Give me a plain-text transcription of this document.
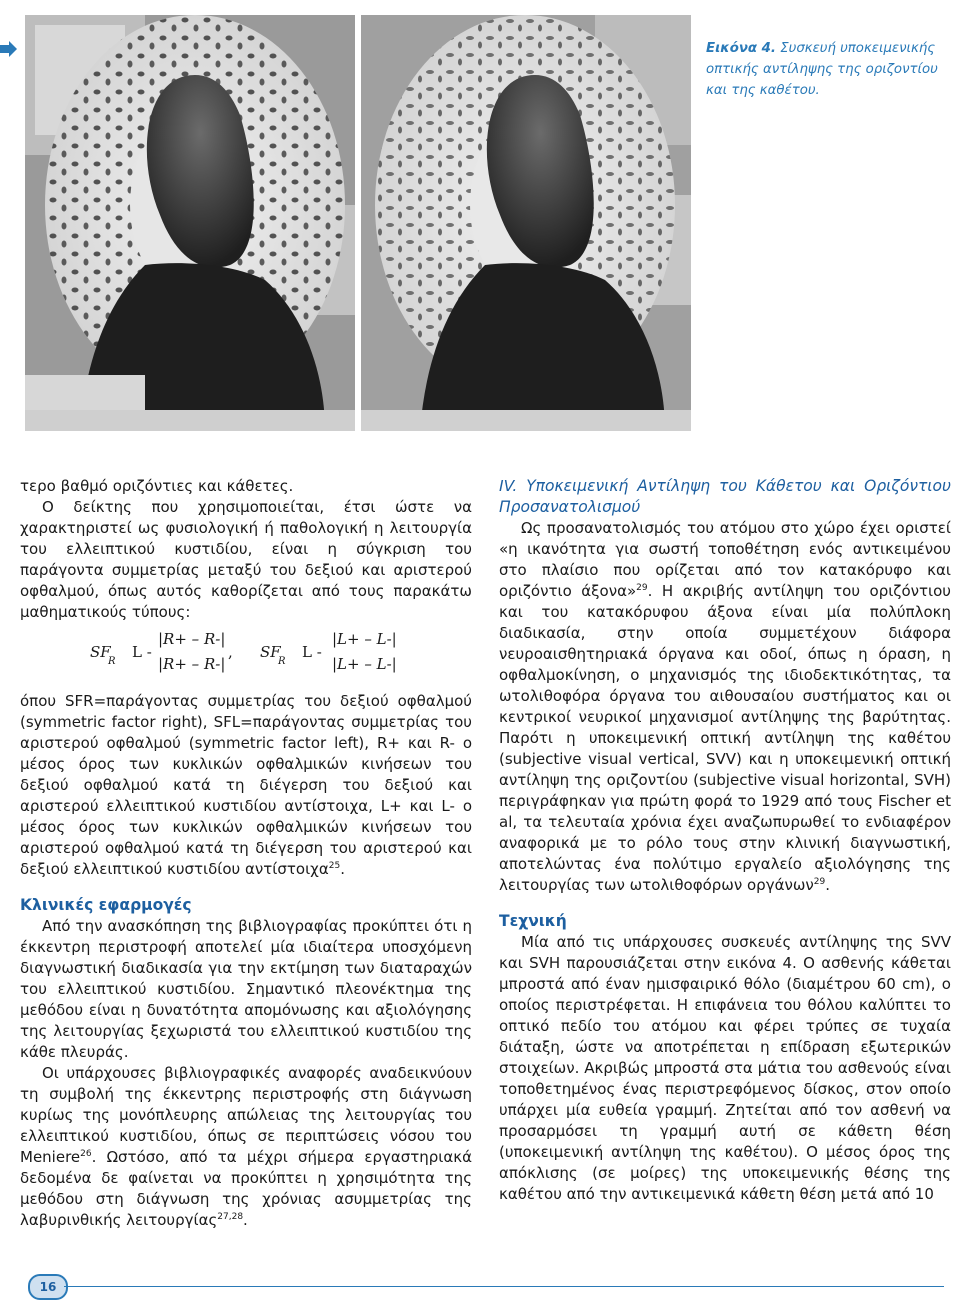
Εικόνα 4. Συσκευή υποκειμενικής οπτικής αντίληψης της οριζοντίου και της καθέτου.

τερο βαθμό οριζόντιες και κάθετες.

Ο δείκτης που χρησιμοποιείται, έτσι ώστε να χαρακτηριστεί ως φυσιολογική ή παθολογική η λειτουργία του ελλειπτικού κυστιδίου, είναι η σύγκριση του παράγοντα συμμετρίας μεταξύ του δεξιού και αριστερού οφθαλμού, όπως αυτός καθορίζεται από τους παρακάτω μαθηματικούς τύπους:

SF
R
L -
|R+ – R-|
|R+ – R-|
, SF
R
L -
|L+ – L-|
|L+ – L-|

όπου SFR=παράγοντας συμμετρίας του δεξιού οφθαλμού (symmetric factor right), SFL=παράγοντας συμμετρίας του αριστερού οφθαλμού (symmetric factor left), R+ και R- ο μέσος όρος των κυκλικών οφθαλμικών κινήσεων του δεξιού οφθαλμού κατά τη διέγερση του δεξιού και αριστερού ελλειπτικού κυστιδίου αντίστοιχα, L+ και L- ο μέσος όρος των κυκλικών οφθαλμικών κινήσεων του αριστερού οφθαλμού κατά τη διέγερση του αριστερού και δεξιού ελλειπτικού κυστιδίου αντίστοιχα$^{25}$.

Κλινικές εφαρμογές

Από την ανασκόπηση της βιβλιογραφίας προκύπτει ότι η έκκεντρη περιστροφή αποτελεί μία ιδιαίτερα υποσχόμενη διαγνωστική διαδικασία για την εκτίμηση των διαταραχών του ελλειπτικού κυστιδίου. Σημαντικό πλεονέκτημα της μεθόδου είναι η δυνατότητα απομόνωσης και αξιολόγησης της λειτουργίας ξεχωριστά του ελλειπτικού κυστιδίου της κάθε πλευράς.

Οι υπάρχουσες βιβλιογραφικές αναφορές αναδεικνύουν τη συμβολή της έκκεντρης περιστροφής στη διάγνωση κυρίως της μονόπλευρης απώλειας της λειτουργίας του ελλειπτικού κυστιδίου, όπως σε περιπτώσεις νόσου του Meniere$^{26}$. Ωστόσο, από τα μέχρι σήμερα εργαστηριακά δεδομένα δε φαίνεται να προκύπτει η χρησιμότητα της μεθόδου στη διάγνωση της χρόνιας ασυμμετρίας της λαβυρινθικής λειτουργίας$^{27,28}$.

IV. Υποκειμενική Αντίληψη του Κάθετου και Οριζόντιου Προσανατολισμού

Ως προσανατολισμός του ατόμου στο χώρο έχει οριστεί «η ικανότητα για σωστή τοποθέτηση ενός αντικειμένου στο πλαίσιο που ορίζεται από τον κατακόρυφο και οριζόντιο άξονα»$^{29}$. Η ακριβής αντίληψη του οριζόντιου και του κατακόρυφου άξονα είναι μία πολύπλοκη διαδικασία, στην οποία συμμετέχουν διάφορα νευροαισθητηριακά όργανα και οδοί, όπως η όραση, η οφθαλμοκίνηση, ο μηχανισμός της ιδιοδεκτικότητας, τα ωτολιθοφόρα όργανα του αιθουσαίου συστήματος και οι κεντρικοί νευρικοί μηχανισμοί αντίληψης της βαρύτητας. Παρότι η υποκειμενική οπτική αντίληψη της καθέτου (subjective visual vertical, SVV) και η υποκειμενική οπτική αντίληψη της οριζοντίου (subjective visual horizontal, SVH) περιγράφηκαν για πρώτη φορά το 1929 από τους Fischer et al, τα τελευταία χρόνια έχει αναζωπυρωθεί το ενδιαφέρον αναφορικά με το ρόλο τους στην κλινική διαγνωστική, αποτελώντας ένα πολύτιμο εργαλείο αξιολόγησης της λειτουργίας των ωτολιθοφόρων οργάνων$^{29}$.

Τεχνική

Μία από τις υπάρχουσες συσκευές αντίληψης της SVV και SVH παρουσιάζεται στην εικόνα 4. Ο ασθενής κάθεται μπροστά από έναν ημισφαιρικό θόλο (διαμέτρου 60 cm), ο οποίος περιστρέφεται. Η επιφάνεια του θόλου καλύπτει το οπτικό πεδίο του ατόμου και φέρει τρύπες σε τυχαία διάταξη, ώστε να αποτρέπεται η επίδραση εξωτερικών στοιχείων. Ακριβώς μπροστά στα μάτια του ασθενούς είναι τοποθετημένος ένας περιστρεφόμενος δίσκος, στον οποίο υπάρχει μία ευθεία γραμμή. Ζητείται από τον ασθενή να προσαρμόσει τη γραμμή αυτή σε κάθετη θέση (υποκειμενική αντίληψη της καθέτου). Ο μέσος όρος της απόκλισης (σε μοίρες) της υποκειμενικής θέσης της καθέτου από την αντικειμενικά κάθετη θέση μετά από 10

16
